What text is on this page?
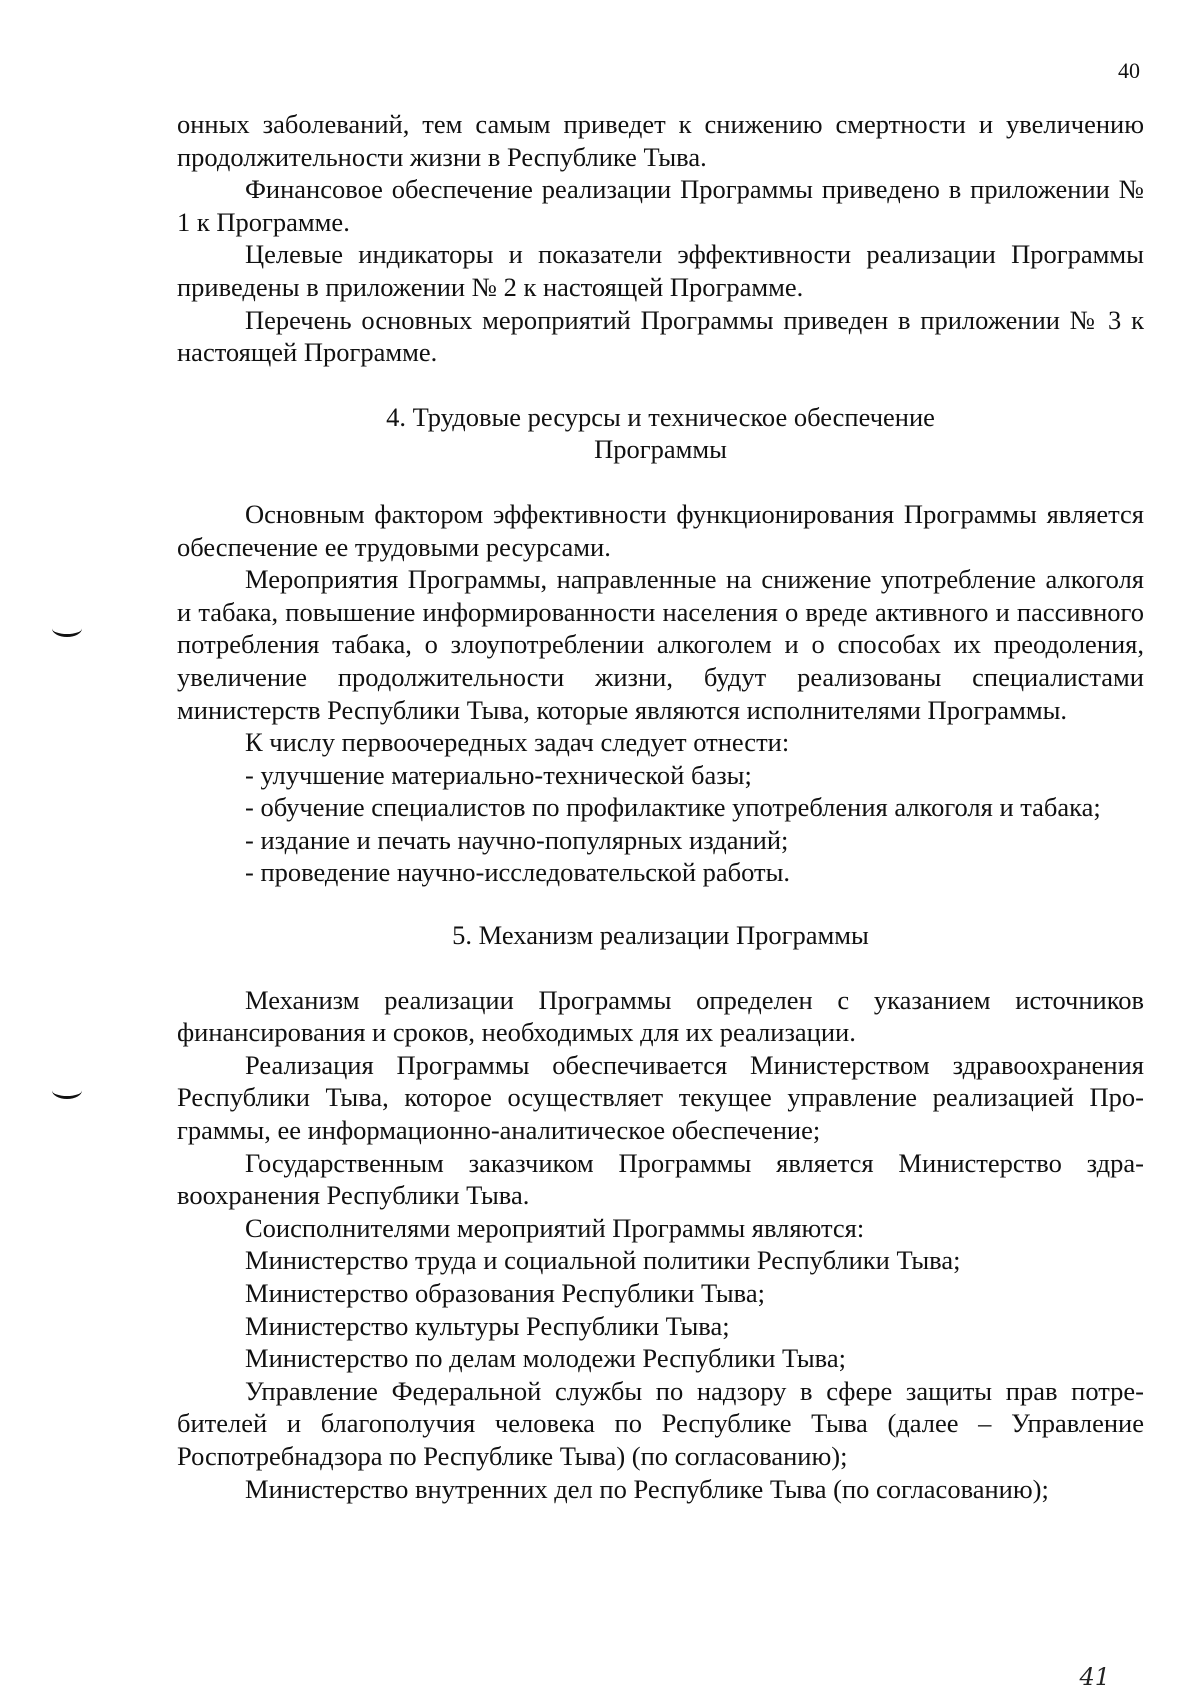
40

онных заболеваний, тем самым приведет к снижению смертности и увеличению продолжительности жизни в Республике Тыва.

Финансовое обеспечение реализации Программы приведено в приложении № 1 к Программе.

Целевые индикаторы и показатели эффективности реализации Программы приведены в приложении № 2 к настоящей Программе.

Перечень основных мероприятий Программы приведен в приложении № 3 к настоящей Программе.

4. Трудовые ресурсы и техническое обеспечение

Программы

Основным фактором эффективности функционирования Программы является обеспечение ее трудовыми ресурсами.

Мероприятия Программы, направленные на снижение употребление алкоголя и табака, повышение информированности населения о вреде активного и пассивного потребления табака, о злоупотреблении алкоголем и о способах их преодоления, увеличение продолжительности жизни, будут реализованы специалистами министерств Республики Тыва, которые являются исполнителями Программы.

К числу первоочередных задач следует отнести:

- улучшение материально-технической базы;

- обучение специалистов по профилактике употребления алкоголя и табака;

- издание и печать научно-популярных изданий;

- проведение научно-исследовательской работы.

5. Механизм реализации Программы

Механизм реализации Программы определен с указанием источников финансирования и сроков, необходимых для их реализации.

Реализация Программы обеспечивается Министерством здравоохранения Республики Тыва, которое осуществляет текущее управление реализацией Программы, ее информационно-аналитическое обеспечение;

Государственным заказчиком Программы является Министерство здравоохранения Республики Тыва.

Соисполнителями мероприятий Программы являются:

Министерство труда и социальной политики Республики Тыва;

Министерство образования Республики Тыва;

Министерство культуры Республики Тыва;

Министерство по делам молодежи Республики Тыва;

Управление Федеральной службы по надзору в сфере защиты прав потребителей и благополучия человека по Республике Тыва (далее – Управление Роспотребнадзора по Республике Тыва) (по согласованию);

Министерство внутренних дел по Республике Тыва (по согласованию);

41
